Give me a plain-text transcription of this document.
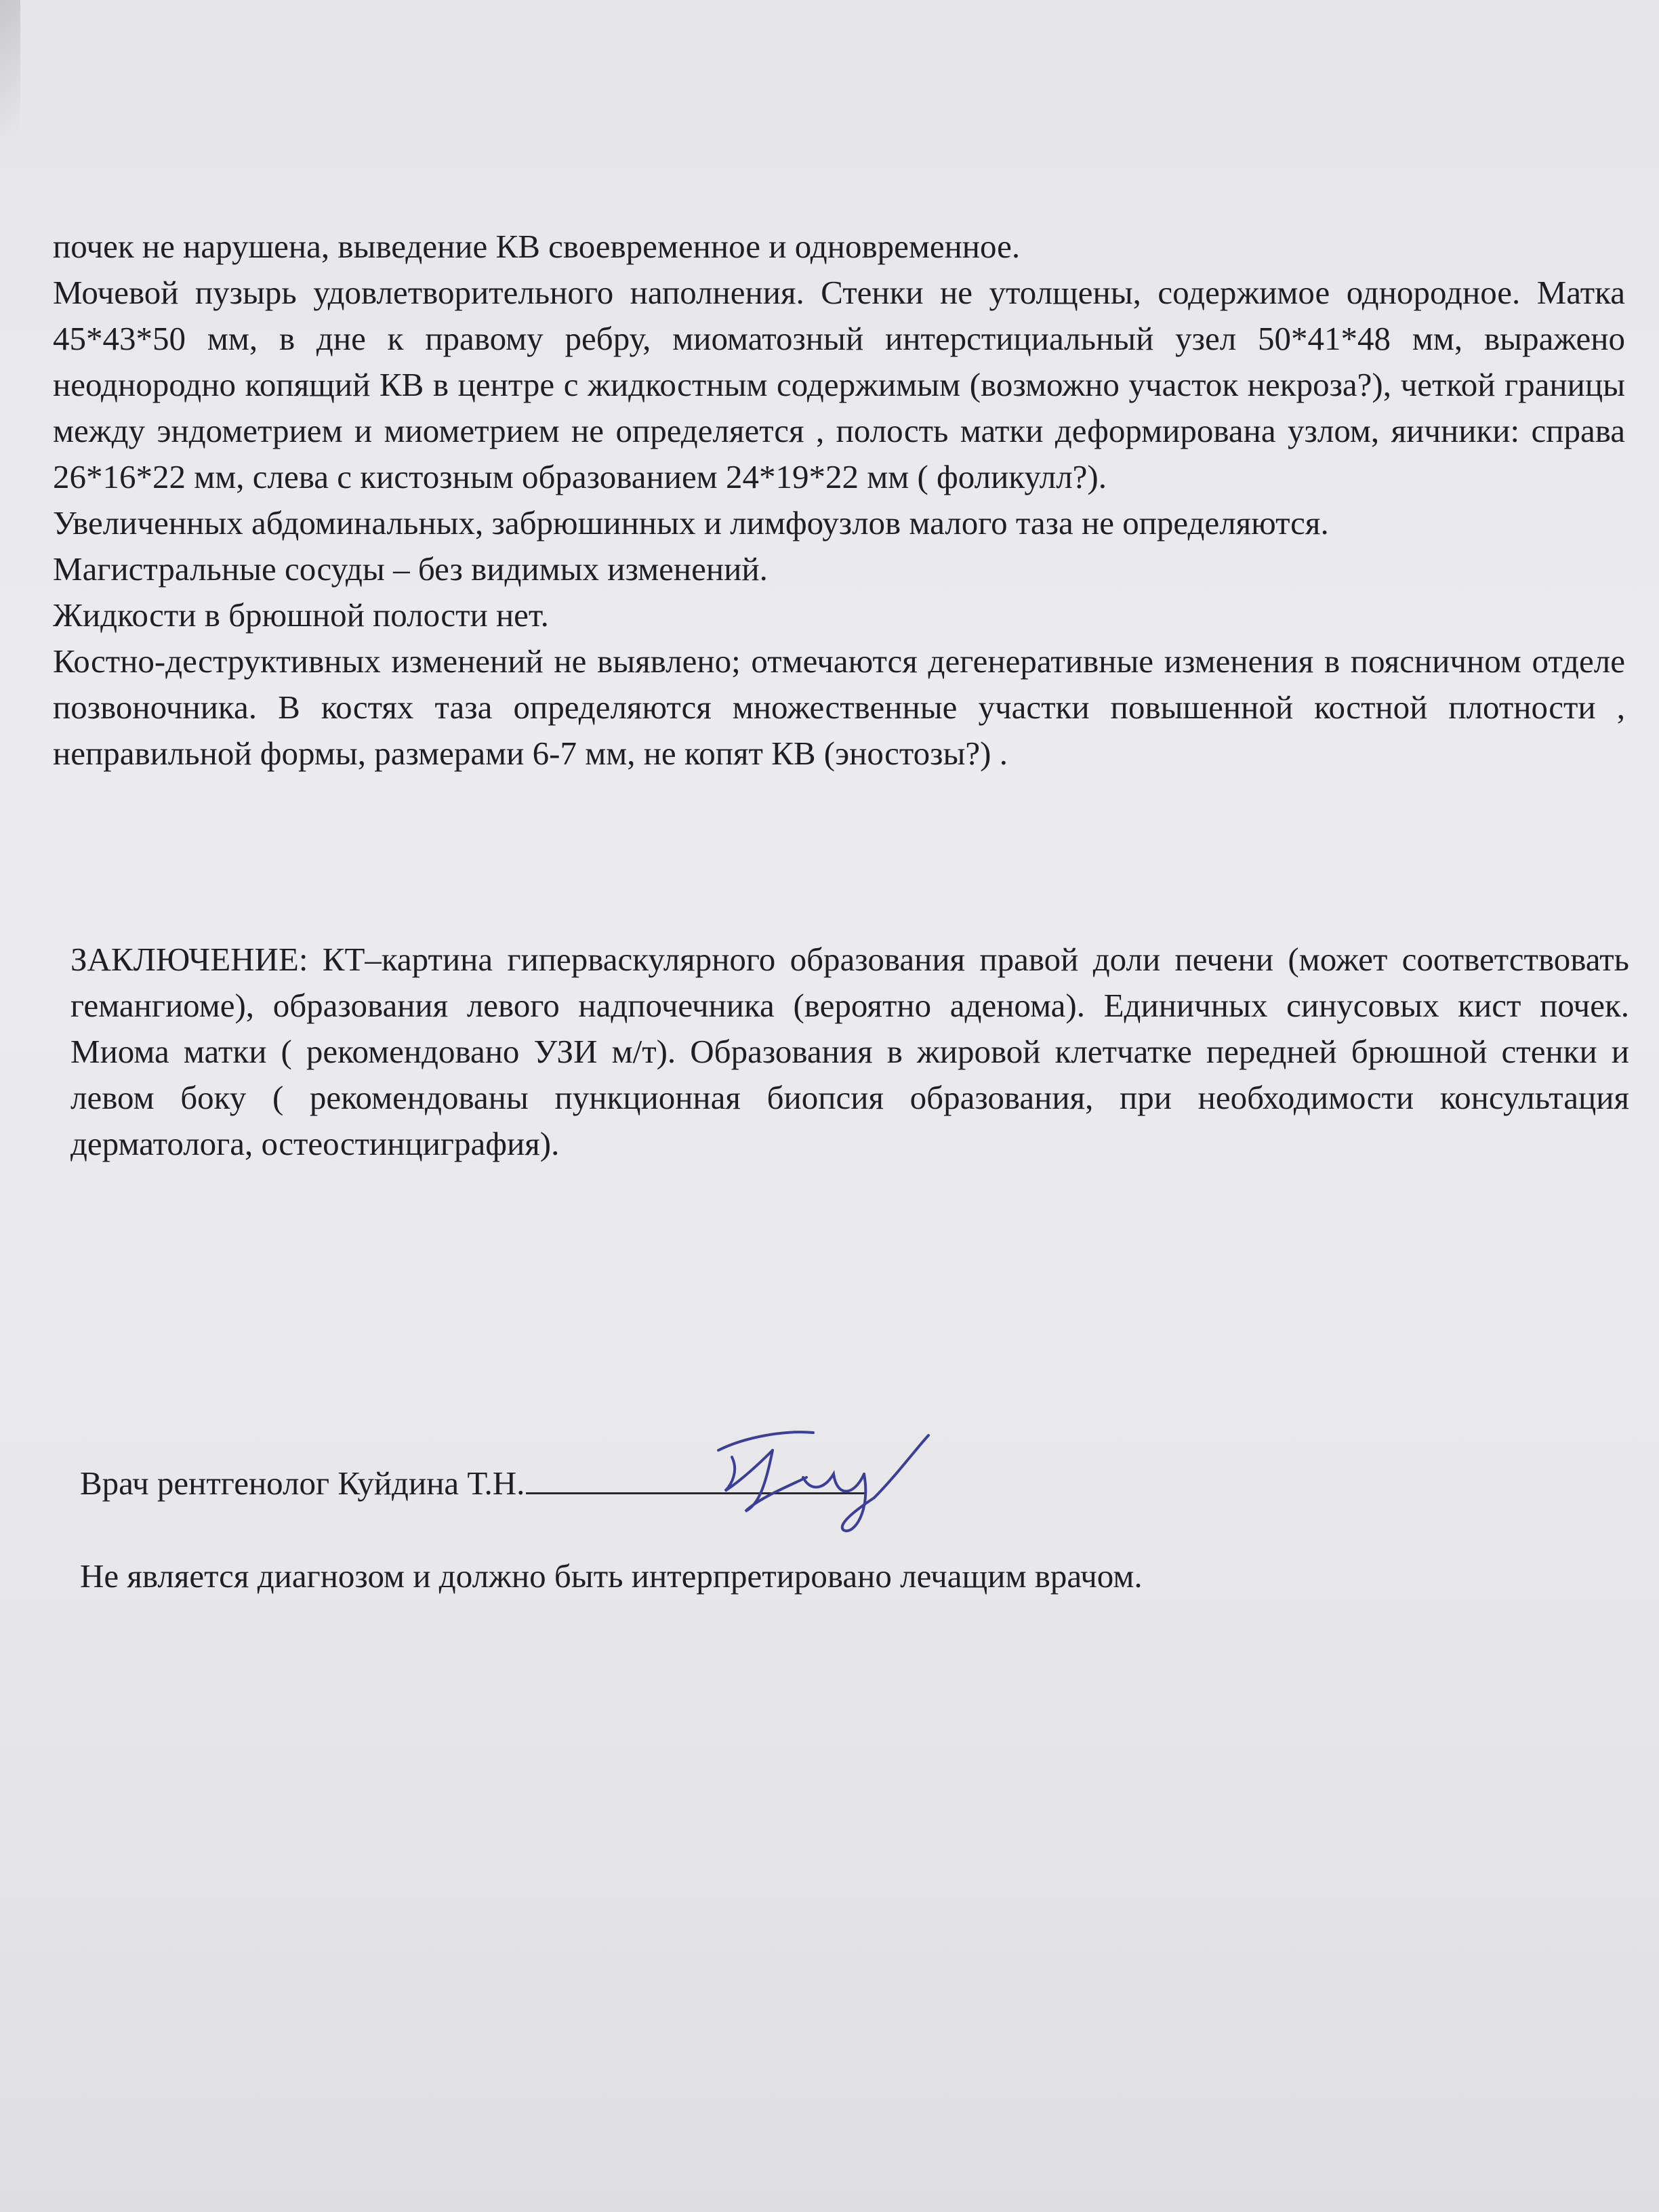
почек не нарушена, выведение КВ своевременное и одновременное.

Мочевой пузырь удовлетворительного наполнения. Стенки не утолщены, содержимое однородное. Матка 45*43*50 мм, в дне к правому ребру, миоматозный интерстициальный узел 50*41*48 мм, выражено неоднородно копящий КВ в центре с жидкостным содержимым (возможно участок некроза?), четкой границы между эндометрием и миометрием не определяется , полость матки деформирована узлом, яичники: справа 26*16*22 мм, слева с кистозным образованием 24*19*22 мм ( фоликулл?).

Увеличенных абдоминальных, забрюшинных и лимфоузлов малого таза не определяются.

Магистральные сосуды – без видимых изменений.

Жидкости в брюшной полости нет.

Костно-деструктивных изменений не выявлено; отмечаются дегенеративные изменения в поясничном отделе позвоночника. В костях таза определяются множественные участки повышенной костной плотности , неправильной формы, размерами 6-7 мм, не копят КВ (эностозы?) .

ЗАКЛЮЧЕНИЕ: КТ–картина гиперваскулярного образования правой доли печени (может соответствовать гемангиоме), образования левого надпочечника (вероятно аденома). Единичных синусовых кист почек. Миома матки ( рекомендовано УЗИ м/т). Образования в жировой клетчатке передней брюшной стенки и левом боку ( рекомендованы пункционная биопсия образования, при необходимости консультация дерматолога, остеостинциграфия).

Врач рентгенолог Куйдина Т.Н.
Не является диагнозом и должно быть интерпретировано лечащим врачом.
